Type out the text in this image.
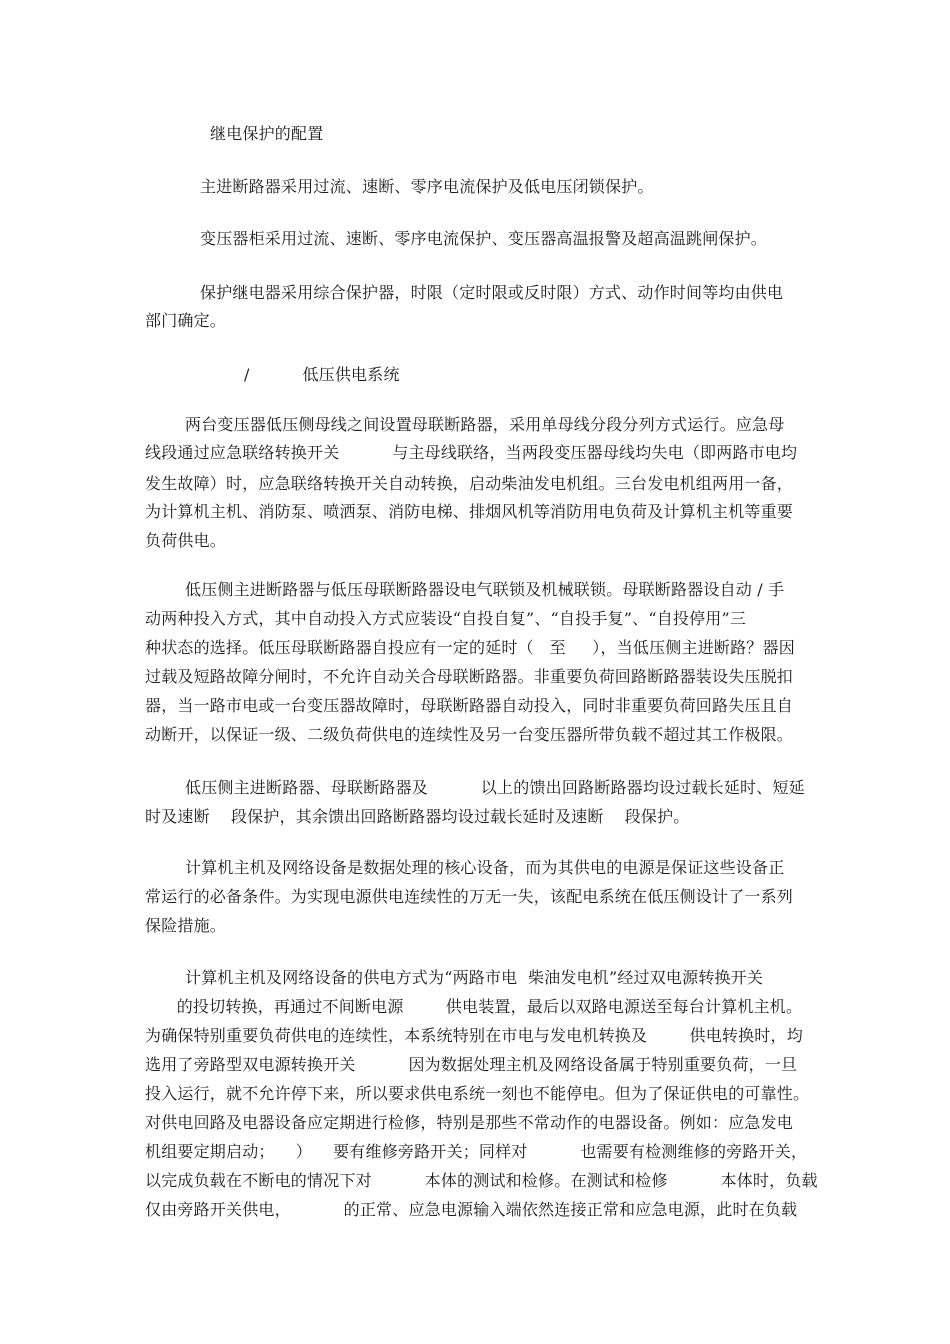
继电保护的配置
主进断路器采用过流、速断、零序电流保护及低电压闭锁保护。
变压器柜采用过流、速断、零序电流保护、变压器高温报警及超高温跳闸保护。
保护继电器采用综合保护器，时限（定时限或反时限）方式、动作时间等均由供电
部门确定。
/          低压供电系统
两台变压器低压侧母线之间设置母联断路器，采用单母线分段分列方式运行。应急母
线段通过应急联络转换开关          与主母线联络，当两段变压器母线均失电（即两路市电均
发生故障）时，应急联络转换开关自动转换，启动柴油发电机组。三台发电机组两用一备，
为计算机主机、消防泵、喷洒泵、消防电梯、排烟风机等消防用电负荷及计算机主机等重要
负荷供电。
低压侧主进断路器与低压母联断路器设电气联锁及机械联锁。母联断路器设自动 / 手
动两种投入方式，其中自动投入方式应装设“自投自复”、“自投手复”、“自投停用”三
种状态的选择。低压母联断路器自投应有一定的延时（   至     ），当低压侧主进断路？器因
过载及短路故障分闸时，不允许自动关合母联断路器。非重要负荷回路断路器装设失压脱扣
器，当一路市电或一台变压器故障时，母联断路器自动投入，同时非重要负荷回路失压且自
动断开，以保证一级、二级负荷供电的连续性及另一台变压器所带负载不超过其工作极限。
低压侧主进断路器、母联断路器及          以上的馈出回路断路器均设过载长延时、短延
时及速断    段保护，其余馈出回路断路器均设过载长延时及速断    段保护。
计算机主机及网络设备是数据处理的核心设备，而为其供电的电源是保证这些设备正
常运行的必备条件。为实现电源供电连续性的万无一失，该配电系统在低压侧设计了一系列
保险措施。
计算机主机及网络设备的供电方式为“两路市电  柴油发电机”经过双电源转换开关
的投切转换，再通过不间断电源        供电装置，最后以双路电源送至每台计算机主机。
为确保特别重要负荷供电的连续性，本系统特别在市电与发电机转换及        供电转换时，均
选用了旁路型双电源转换开关          因为数据处理主机及网络设备属于特别重要负荷，一旦
投入运行，就不允许停下来，所以要求供电系统一刻也不能停电。但为了保证供电的可靠性。
对供电回路及电器设备应定期进行检修，特别是那些不常动作的电器设备。例如：应急发电
机组要定期启动；    ）    要有维修旁路开关；同样对          也需要有检测维修的旁路开关，
以完成负载在不断电的情况下对          本体的测试和检修。在测试和检修          本体时，负载
仅由旁路开关供电，          的正常、应急电源输入端依然连接正常和应急电源，此时在负载
